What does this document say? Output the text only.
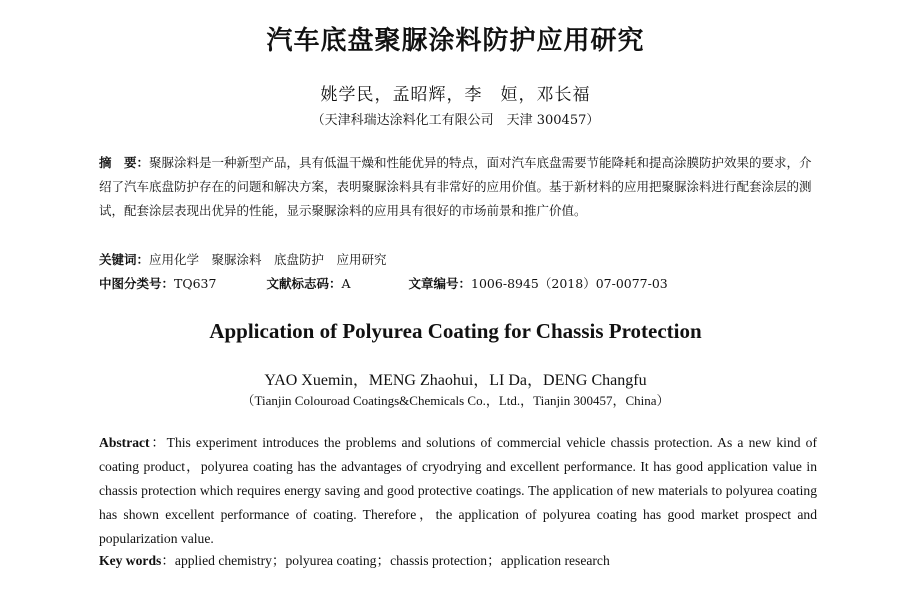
汽车底盘聚脲涂料防护应用研究
姚学民，孟昭辉，李　姮，邓长福
（天津科瑞达涂料化工有限公司　天津 300457）
摘　要：聚脲涂料是一种新型产品，具有低温干燥和性能优异的特点，面对汽车底盘需要节能降耗和提高涂膜防护效果的要求，介绍了汽车底盘防护存在的问题和解决方案，表明聚脲涂料具有非常好的应用价值。基于新材料的应用把聚脲涂料进行配套涂层的测试，配套涂层表现出优异的性能，显示聚脲涂料的应用具有很好的市场前景和推广价值。
关键词：应用化学　聚脲涂料　底盘防护　应用研究
中图分类号：TQ637	文献标志码：A	文章编号：1006-8945（2018）07-0077-03
Application of Polyurea Coating for Chassis Protection
YAO Xuemin，MENG Zhaohui，LI Da，DENG Changfu
（Tianjin Colouroad Coatings&Chemicals Co.，Ltd.，Tianjin 300457，China）
Abstract：This experiment introduces the problems and solutions of commercial vehicle chassis protection. As a new kind of coating product，polyurea coating has the advantages of cryodrying and excellent performance. It has good application value in chassis protection which requires energy saving and good protective coatings. The application of new materials to polyurea coating has shown excellent performance of coating. Therefore，the application of polyurea coating has good market prospect and popularization value.
Key words：applied chemistry；polyurea coating；chassis protection；application research
